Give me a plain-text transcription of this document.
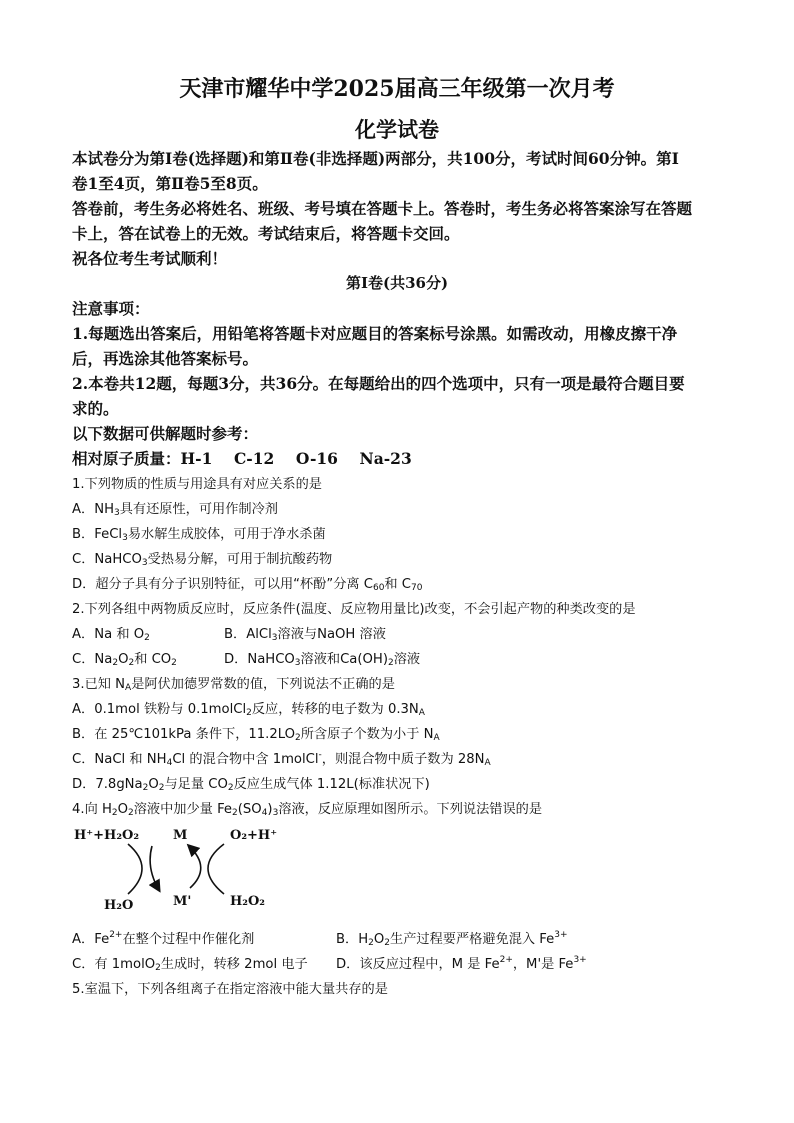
天津市耀华中学2025届高三年级第一次月考
化学试卷
本试卷分为第Ⅰ卷(选择题)和第Ⅱ卷(非选择题)两部分，共100分，考试时间60分钟。第Ⅰ
卷1至4页，第Ⅱ卷5至8页。
答卷前，考生务必将姓名、班级、考号填在答题卡上。答卷时，考生务必将答案涂写在答题
卡上，答在试卷上的无效。考试结束后，将答题卡交回。
祝各位考生考试顺利！
第Ⅰ卷(共36分)
注意事项：
1.每题选出答案后，用铅笔将答题卡对应题目的答案标号涂黑。如需改动，用橡皮擦干净
后，再选涂其他答案标号。
2.本卷共12题，每题3分，共36分。在每题给出的四个选项中，只有一项是最符合题目要
求的。
以下数据可供解题时参考：
相对原子质量：H-1    C-12    O-16    Na-23
1.下列物质的性质与用途具有对应关系的是
A．$NH_3$具有还原性，可用作制冷剂
B．FeCl$_3$易水解生成胶体，可用于净水杀菌
C．NaHCO$_3$受热易分解，可用于制抗酸药物
D．超分子具有分子识别特征，可以用“杯酚”分离 $C_{60}$和 $C_{70}$
2.下列各组中两物质反应时，反应条件(温度、反应物用量比)改变，不会引起产物的种类改变的是
A．Na 和 $O_2$	B．AlCl$_3$溶液与NaOH 溶液
C．$Na_2O_2$和 $CO_2$	D．NaHCO$_3$溶液和$Ca(OH)_2$溶液
3.已知 $N_A$是阿伏加德罗常数的值，下列说法不正确的是
A．0.1mol 铁粉与 0.1molCl$_2$反应，转移的电子数为 $0.3N_A$
B．在 25℃101kPa 条件下，$11.2LO_2$所含原子个数为小于 $N_A$
C．NaCl 和 $NH_4Cl$ 的混合物中含 1molCl-，则混合物中质子数为 $28N_A$
D．$7.8gNa_2O_2$与足量 $CO_2$反应生成气体 1.12L(标准状况下)
4.向 $H_2O_2$溶液中加少量 $Fe_2(SO_4)_3$溶液，反应原理如图所示。下列说法错误的是
H⁺+H₂O₂	M	O₂+H⁺
H₂O	M'	H₂O₂
A．$Fe^{2+}$在整个过程中作催化剂	B．$H_2O_2$生产过程要严格避免混入 $Fe^{3+}$
C．有 1molO$_2$生成时，转移 2mol 电子 D．该反应过程中，M 是 $Fe^{2+}$，M'是 $Fe^{3+}$
5.室温下，下列各组离子在指定溶液中能大量共存的是
